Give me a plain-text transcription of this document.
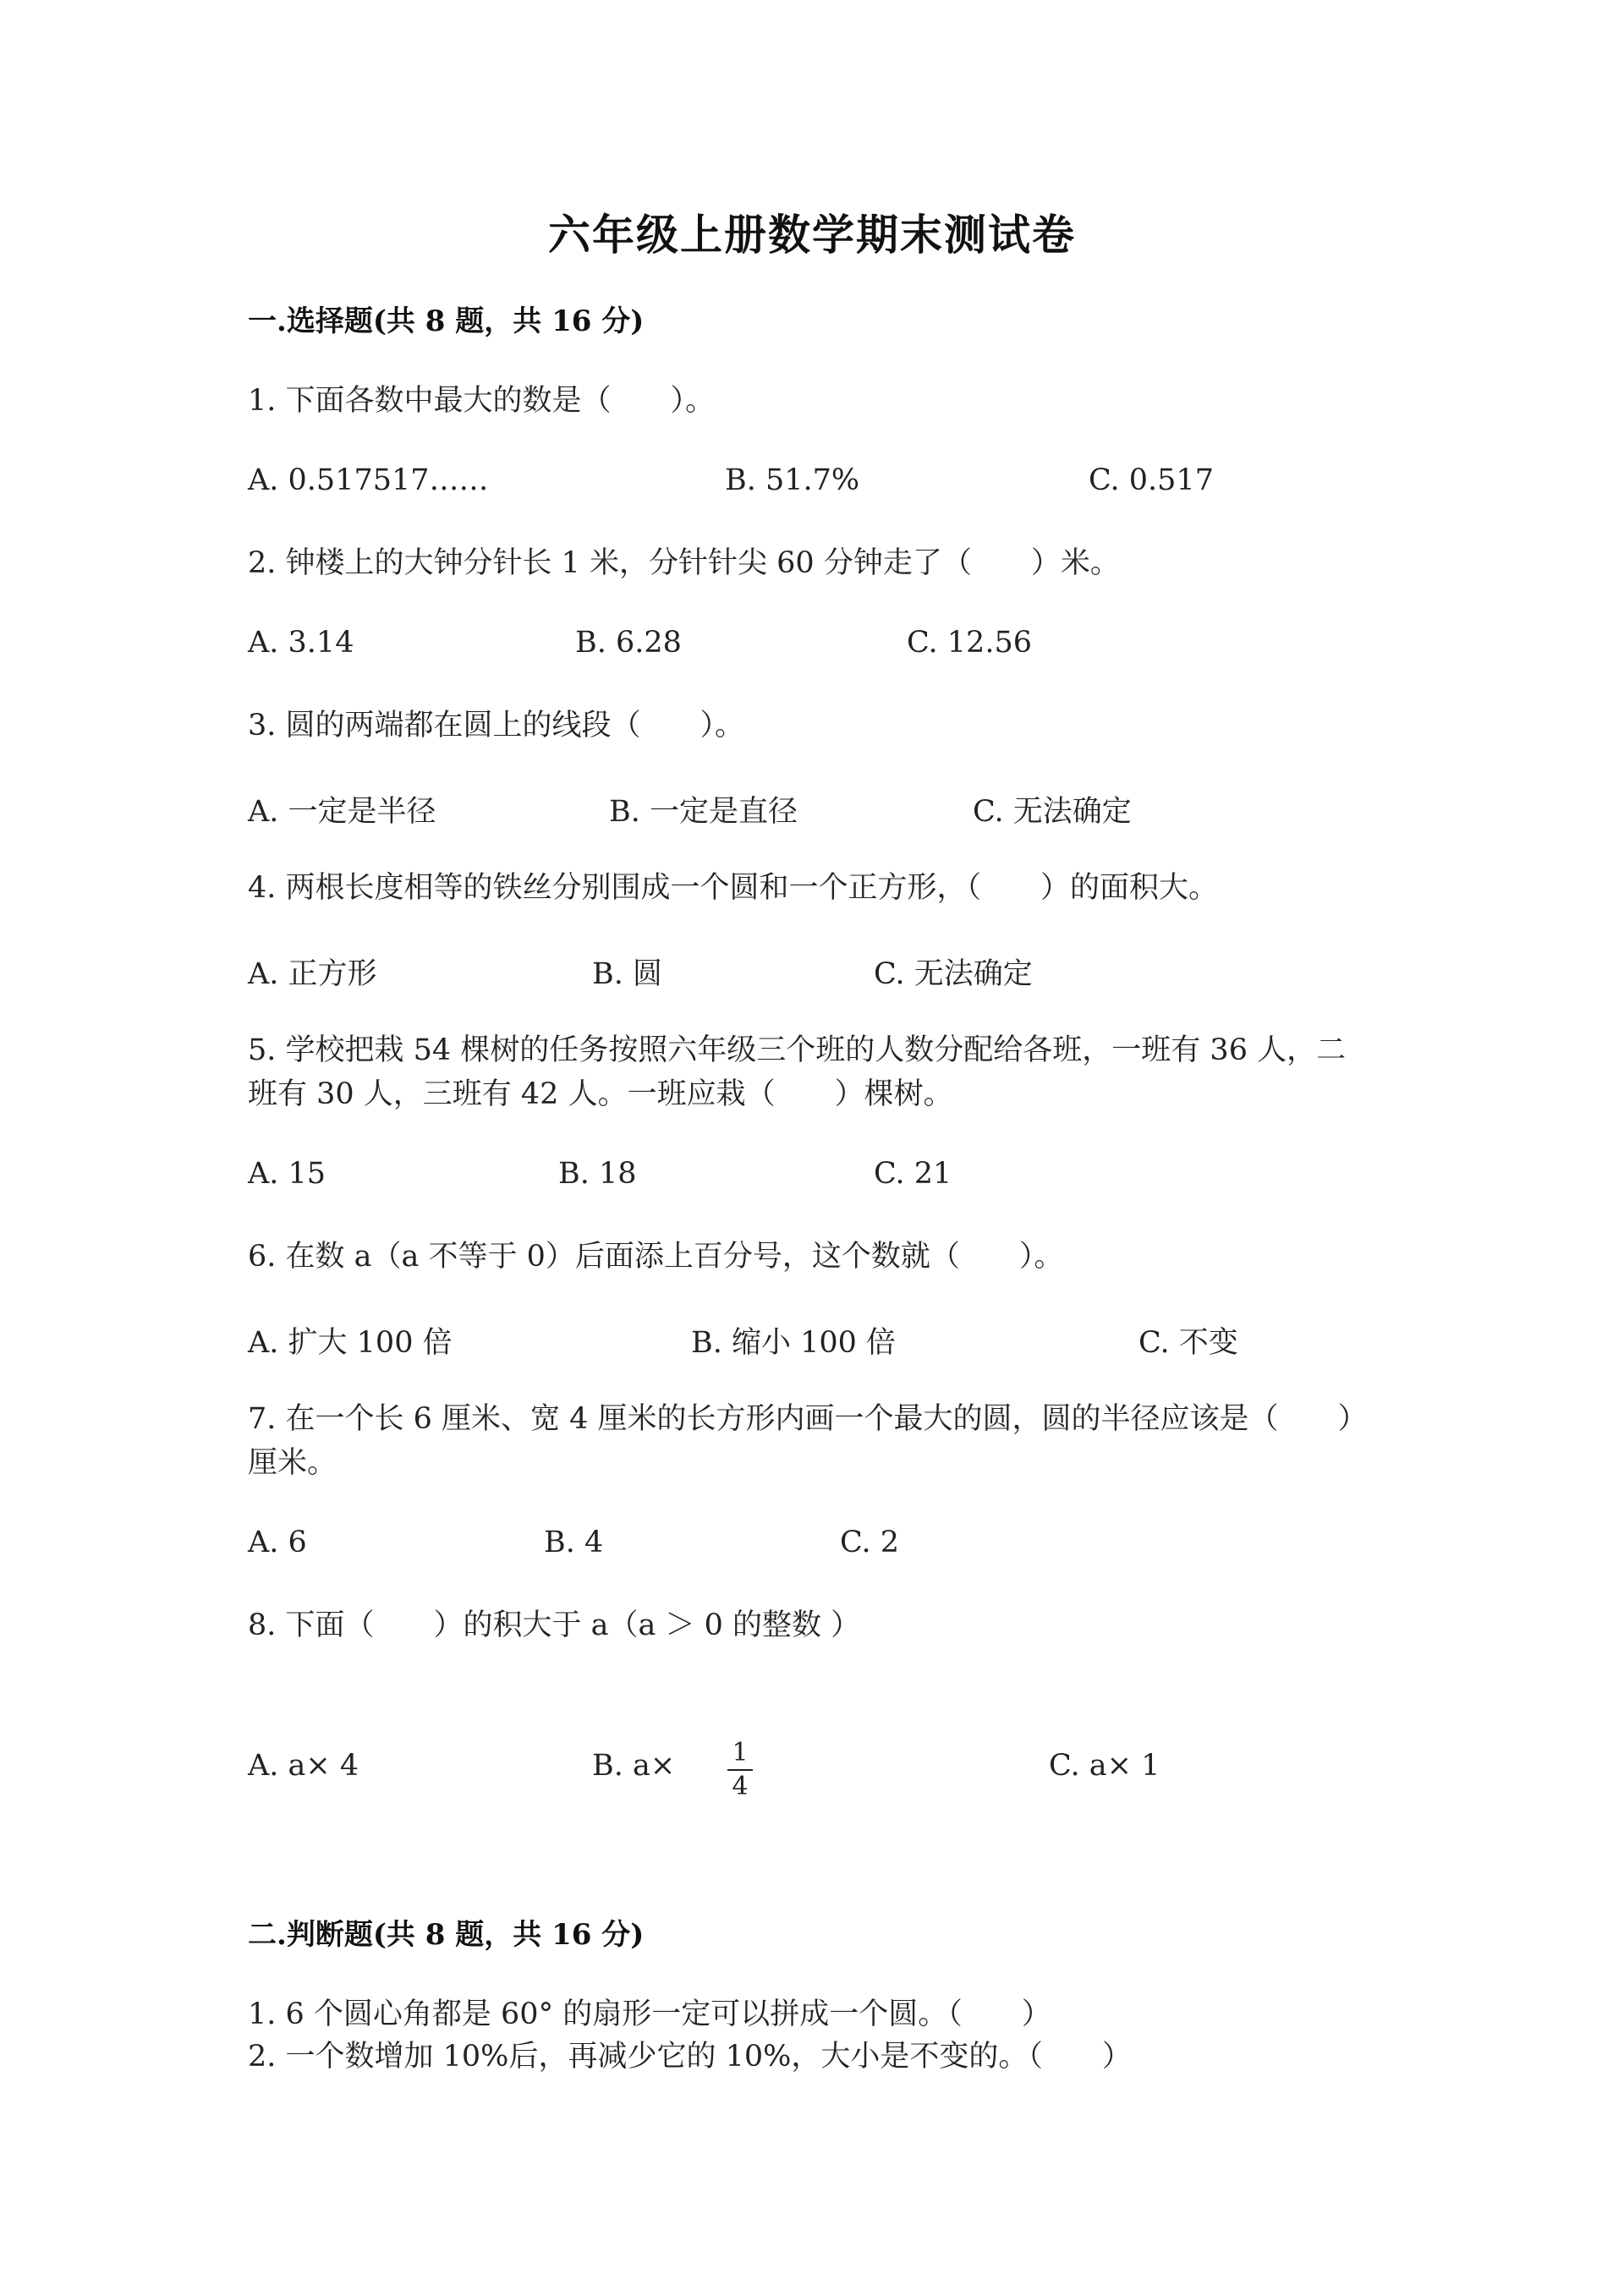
六年级上册数学期末测试卷
一.选择题(共 8 题，共 16 分)
1. 下面各数中最大的数是（　　）。
A. 0.517517……	B. 51.7%	C. 0.517
2. 钟楼上的大钟分针长 1 米，分针针尖 60 分钟走了（　　）米。
A. 3.14	B. 6.28	C. 12.56
3. 圆的两端都在圆上的线段（　　）。
A. 一定是半径	B. 一定是直径	C. 无法确定
4. 两根长度相等的铁丝分别围成一个圆和一个正方形，（　　）的面积大。
A. 正方形	B. 圆	C. 无法确定
5. 学校把栽 54 棵树的任务按照六年级三个班的人数分配给各班，一班有 36 人，二班有 30 人，三班有 42 人。一班应栽（　　）棵树。
A. 15	B. 18	C. 21
6. 在数 a（a 不等于 0）后面添上百分号，这个数就（　　）。
A. 扩大 100 倍	B. 缩小 100 倍	C. 不变
7. 在一个长 6 厘米、宽 4 厘米的长方形内画一个最大的圆，圆的半径应该是（　　）厘米。
A. 6	B. 4	C. 2
8. 下面（　　）的积大于 a（a ＞ 0 的整数 ）
A. a× 4	B. a× 1
4
C. a× 1
二.判断题(共 8 题，共 16 分)
1. 6 个圆心角都是 60° 的扇形一定可以拼成一个圆。（　　）
2. 一个数增加 10%后，再减少它的 10%，大小是不变的。（　　）
